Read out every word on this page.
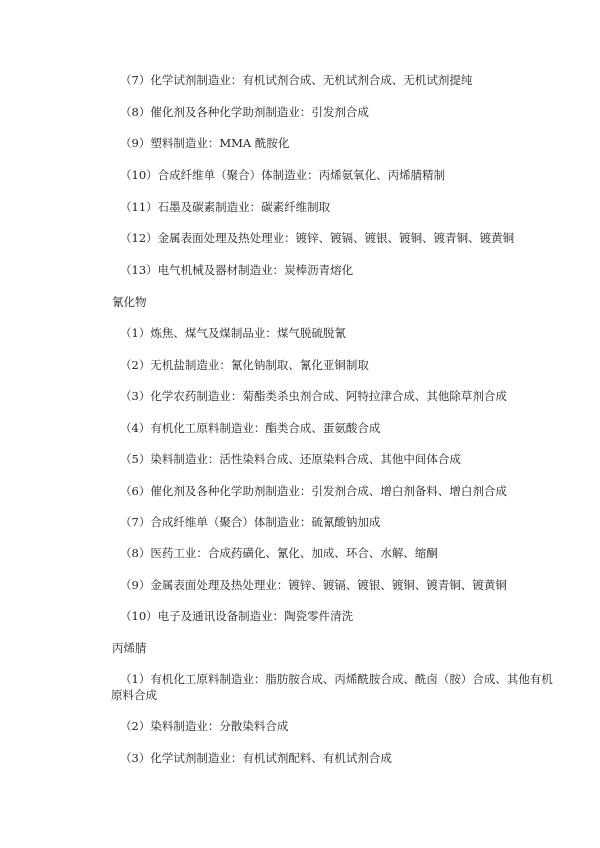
（7）化学试剂制造业：有机试剂合成、无机试剂合成、无机试剂提纯
（8）催化剂及各种化学助剂制造业：引发剂合成
（9）塑料制造业：MMA 酰胺化
（10）合成纤维单（聚合）体制造业：丙烯氨氧化、丙烯腈精制
（11）石墨及碳素制造业：碳素纤维制取
（12）金属表面处理及热处理业：镀锌、镀镉、镀银、镀铜、镀青铜、镀黄铜
（13）电气机械及器材制造业：炭棒沥青熔化
氰化物
（1）炼焦、煤气及煤制品业：煤气脱硫脱氰
（2）无机盐制造业：氰化钠制取、氰化亚铜制取
（3）化学农药制造业：菊酯类杀虫剂合成、阿特拉津合成、其他除草剂合成
（4）有机化工原料制造业：酯类合成、蛋氨酸合成
（5）染料制造业：活性染料合成、还原染料合成、其他中间体合成
（6）催化剂及各种化学助剂制造业：引发剂合成、增白剂备料、增白剂合成
（7）合成纤维单（聚合）体制造业：硫氰酸钠加成
（8）医药工业：合成药磺化、氰化、加成、环合、水解、缩酮
（9）金属表面处理及热处理业：镀锌、镀镉、镀银、镀铜、镀青铜、镀黄铜
（10）电子及通讯设备制造业：陶瓷零件清洗
丙烯腈
（1）有机化工原料制造业：脂肪胺合成、丙烯酰胺合成、酰卤（胺）合成、其他有机
原料合成
（2）染料制造业：分散染料合成
（3）化学试剂制造业：有机试剂配料、有机试剂合成
